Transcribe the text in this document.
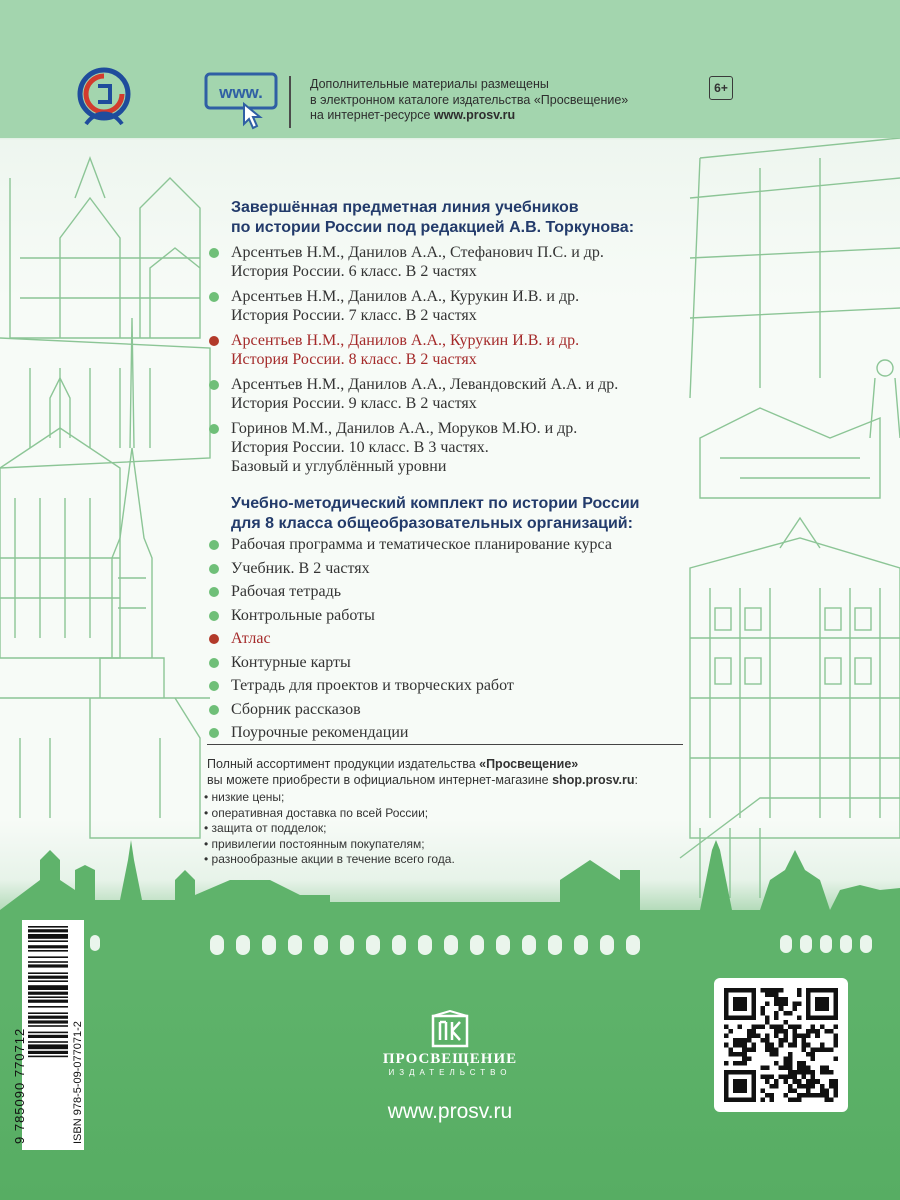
www.	Дополнительные материалы размещены
в электронном каталоге издательства «Просвещение»
на интернет-ресурсе www.prosv.ru
6+
Завершённая предметная линия учебников
по истории России под редакцией А.В. Торкунова:
Арсентьев Н.М., Данилов А.А., Стефанович П.С. и др.
История России. 6 класс. В 2 частях
Арсентьев Н.М., Данилов А.А., Курукин И.В. и др.
История России. 7 класс. В 2 частях
Арсентьев Н.М., Данилов А.А., Курукин И.В. и др.
История России. 8 класс. В 2 частях
Арсентьев Н.М., Данилов А.А., Левандовский А.А. и др.
История России. 9 класс. В 2 частях
Горинов М.М., Данилов А.А., Моруков М.Ю. и др.
История России. 10 класс. В 3 частях.
Базовый и углублённый уровни
Учебно-методический комплект по истории России
для 8 класса общеобразовательных организаций:
Рабочая программа и тематическое планирование курса
Учебник. В 2 частях
Рабочая тетрадь
Контрольные работы
Атлас
Контурные карты
Тетрадь для проектов и творческих работ
Сборник рассказов
Поурочные рекомендации
Полный ассортимент продукции издательства «Просвещение»
вы можете приобрести в официальном интернет-магазине shop.prosv.ru:
• низкие цены;
• оперативная доставка по всей России;
• защита от подделок;
• привилегии постоянным покупателям;
• разнообразные акции в течение всего года.
ISBN 978-5-09-077071-2
9 785090 770712	ПРОСВЕЩЕНИЕ
ИЗДАТЕЛЬСТВО
www.prosv.ru
